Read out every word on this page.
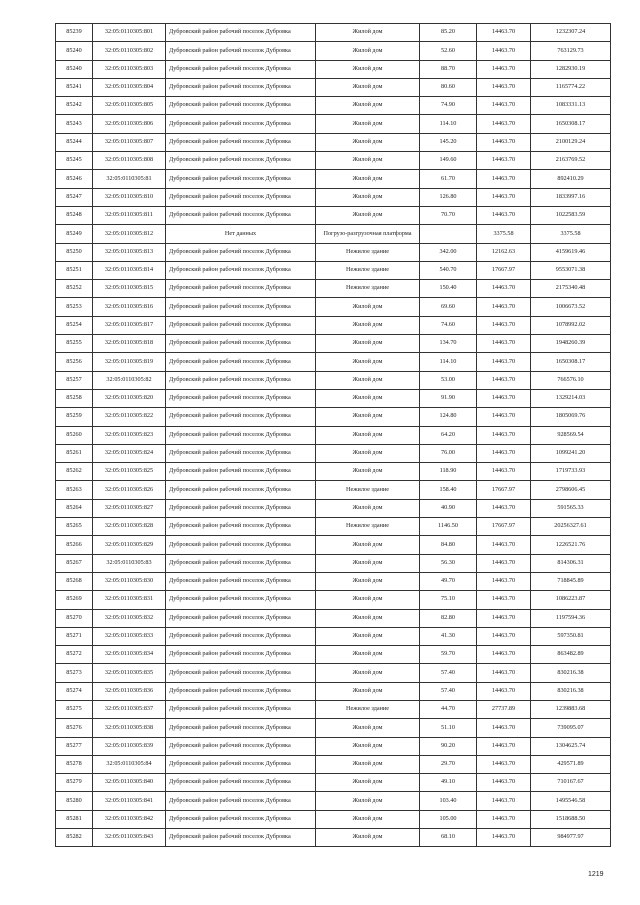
85239	32:05:0110305:801	Дубровский район рабочий поселок Дубровка	Жилой дом	85.20	14463.70	1232307.24
85240	32:05:0110305:802	Дубровский район рабочий поселок Дубровка	Жилой дом	52.60	14463.70	763129.73
85240	32:05:0110305:803	Дубровский район рабочий поселок Дубровка	Жилой дом	88.70	14463.70	1282930.19
85241	32:05:0110305:804	Дубровский район рабочий поселок Дубровка	Жилой дом	80.60	14463.70	1165774.22
85242	32:05:0110305:805	Дубровский район рабочий поселок Дубровка	Жилой дом	74.90	14463.70	1083331.13
85243	32:05:0110305:806	Дубровский район рабочий поселок Дубровка	Жилой дом	114.10	14463.70	1650308.17
85244	32:05:0110305:807	Дубровский район рабочий поселок Дубровка	Жилой дом	145.20	14463.70	2100129.24
85245	32:05:0110305:808	Дубровский район рабочий поселок Дубровка	Жилой дом	149.60	14463.70	2163769.52
85246	32:05:0110305:81	Дубровский район рабочий поселок Дубровка	Жилой дом	61.70	14463.70	892410.29
85247	32:05:0110305:810	Дубровский район рабочий поселок Дубровка	Жилой дом	126.80	14463.70	1833997.16
85248	32:05:0110305:811	Дубровский район рабочий поселок Дубровка	Жилой дом	70.70	14463.70	1022583.59
85249	32:05:0110305:812	Нет данных	Погрузо-разгрузочная платформа		3375.58	3375.58
85250	32:05:0110305:813	Дубровский район рабочий поселок Дубровка	Нежилое здание	342.00	12162.63	4159619.46
85251	32:05:0110305:814	Дубровский район рабочий поселок Дубровка	Нежилое здание	540.70	17667.97	9553071.38
85252	32:05:0110305:815	Дубровский район рабочий поселок Дубровка	Нежилое здание	150.40	14463.70	2175340.48
85253	32:05:0110305:816	Дубровский район рабочий поселок Дубровка	Жилой дом	69.60	14463.70	1006673.52
85254	32:05:0110305:817	Дубровский район рабочий поселок Дубровка	Жилой дом	74.60	14463.70	1078992.02
85255	32:05:0110305:818	Дубровский район рабочий поселок Дубровка	Жилой дом	134.70	14463.70	1948260.39
85256	32:05:0110305:819	Дубровский район рабочий поселок Дубровка	Жилой дом	114.10	14463.70	1650308.17
85257	32:05:0110305:82	Дубровский район рабочий поселок Дубровка	Жилой дом	53.00	14463.70	766576.10
85258	32:05:0110305:820	Дубровский район рабочий поселок Дубровка	Жилой дом	91.90	14463.70	1329214.03
85259	32:05:0110305:822	Дубровский район рабочий поселок Дубровка	Жилой дом	124.80	14463.70	1805069.76
85260	32:05:0110305:823	Дубровский район рабочий поселок Дубровка	Жилой дом	64.20	14463.70	928569.54
85261	32:05:0110305:824	Дубровский район рабочий поселок Дубровка	Жилой дом	76.00	14463.70	1099241.20
85262	32:05:0110305:825	Дубровский район рабочий поселок Дубровка	Жилой дом	118.90	14463.70	1719733.93
85263	32:05:0110305:826	Дубровский район рабочий поселок Дубровка	Нежилое здание	158.40	17667.97	2798606.45
85264	32:05:0110305:827	Дубровский район рабочий поселок Дубровка	Жилой дом	40.90	14463.70	591565.33
85265	32:05:0110305:828	Дубровский район рабочий поселок Дубровка	Нежилое здание	1146.50	17667.97	20256327.61
85266	32:05:0110305:829	Дубровский район рабочий поселок Дубровка	Жилой дом	84.80	14463.70	1226521.76
85267	32:05:0110305:83	Дубровский район рабочий поселок Дубровка	Жилой дом	56.30	14463.70	814306.31
85268	32:05:0110305:830	Дубровский район рабочий поселок Дубровка	Жилой дом	49.70	14463.70	718845.89
85269	32:05:0110305:831	Дубровский район рабочий поселок Дубровка	Жилой дом	75.10	14463.70	1086223.87
85270	32:05:0110305:832	Дубровский район рабочий поселок Дубровка	Жилой дом	82.80	14463.70	1197594.36
85271	32:05:0110305:833	Дубровский район рабочий поселок Дубровка	Жилой дом	41.30	14463.70	597350.81
85272	32:05:0110305:834	Дубровский район рабочий поселок Дубровка	Жилой дом	59.70	14463.70	863482.89
85273	32:05:0110305:835	Дубровский район рабочий поселок Дубровка	Жилой дом	57.40	14463.70	830216.38
85274	32:05:0110305:836	Дубровский район рабочий поселок Дубровка	Жилой дом	57.40	14463.70	830216.38
85275	32:05:0110305:837	Дубровский район рабочий поселок Дубровка	Нежилое здание	44.70	27737.89	1239883.68
85276	32:05:0110305:838	Дубровский район рабочий поселок Дубровка	Жилой дом	51.10	14463.70	739095.07
85277	32:05:0110305:839	Дубровский район рабочий поселок Дубровка	Жилой дом	90.20	14463.70	1304625.74
85278	32:05:0110305:84	Дубровский район рабочий поселок Дубровка	Жилой дом	29.70	14463.70	429571.89
85279	32:05:0110305:840	Дубровский район рабочий поселок Дубровка	Жилой дом	49.10	14463.70	710167.67
85280	32:05:0110305:841	Дубровский район рабочий поселок Дубровка	Жилой дом	103.40	14463.70	1495546.58
85281	32:05:0110305:842	Дубровский район рабочий поселок Дубровка	Жилой дом	105.00	14463.70	1518688.50
85282	32:05:0110305:843	Дубровский район рабочий поселок Дубровка	Жилой дом	68.10	14463.70	984977.97
1219
